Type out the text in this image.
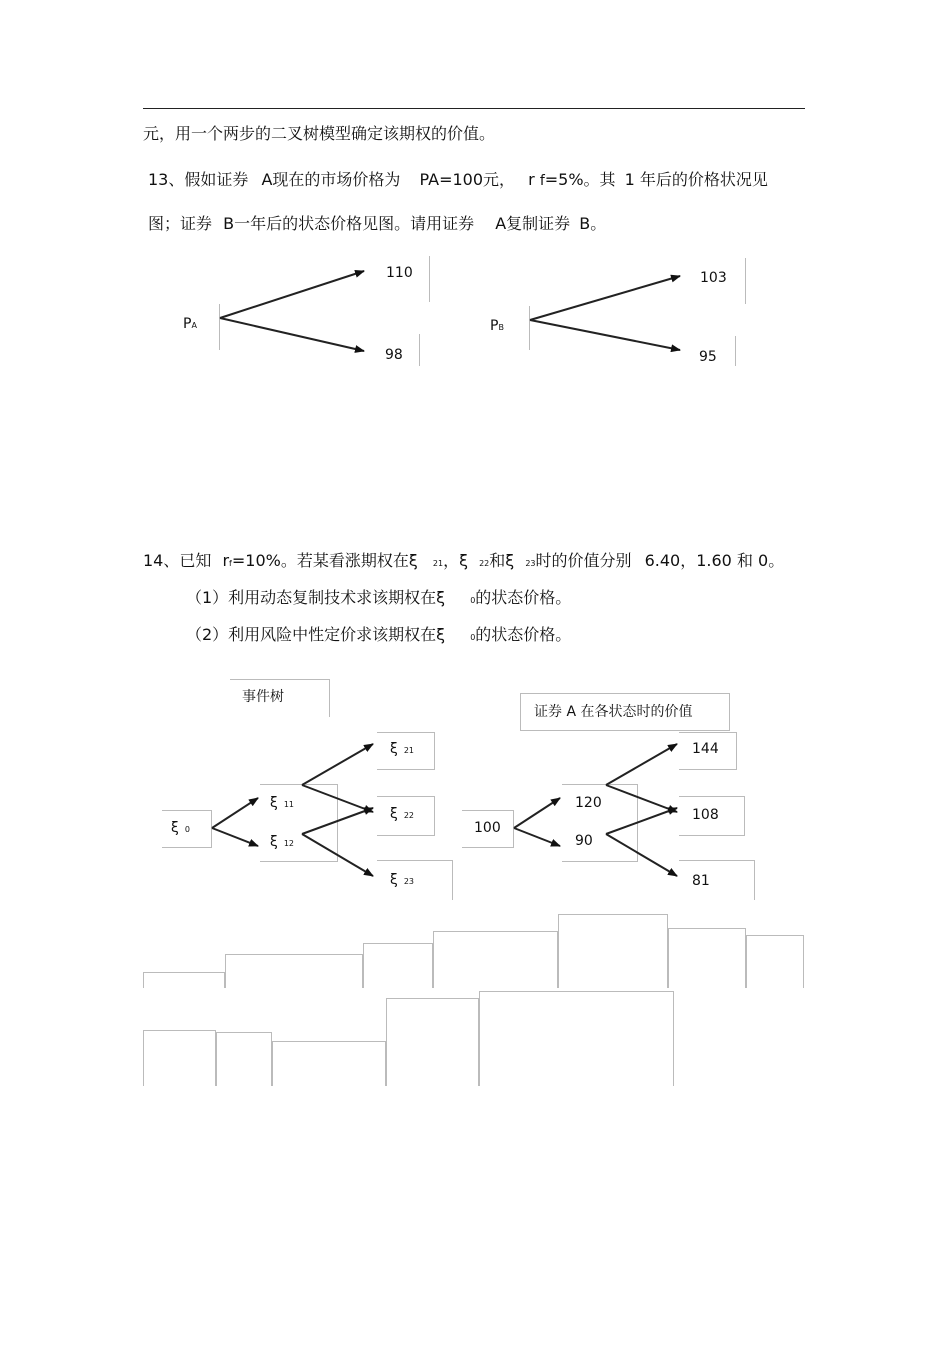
元，用一个两步的二叉树模型确定该期权的价值。
13、假如证券 A现在的市场价格为 PA=100元， r f=5%。其 1 年后的价格状况见
图；证券 B一年后的状态价格见图。请用证券 A复制证券 B。
110
PA
98
103
PB
95
14、已知 rf=10%。若某看涨期权在ξ 21，ξ 22和ξ 23时的价值分别 6.40，1.60 和 0。
（1）利用动态复制技术求该期权在ξ	0的状态价格。
（2）利用风险中性定价求该期权在ξ	0的状态价格。
事件树
ξ 21
ξ 11
ξ 12
ξ 0
ξ 22
ξ 23
证券 A 在各状态时的价值
144
120
90
100
108
81
